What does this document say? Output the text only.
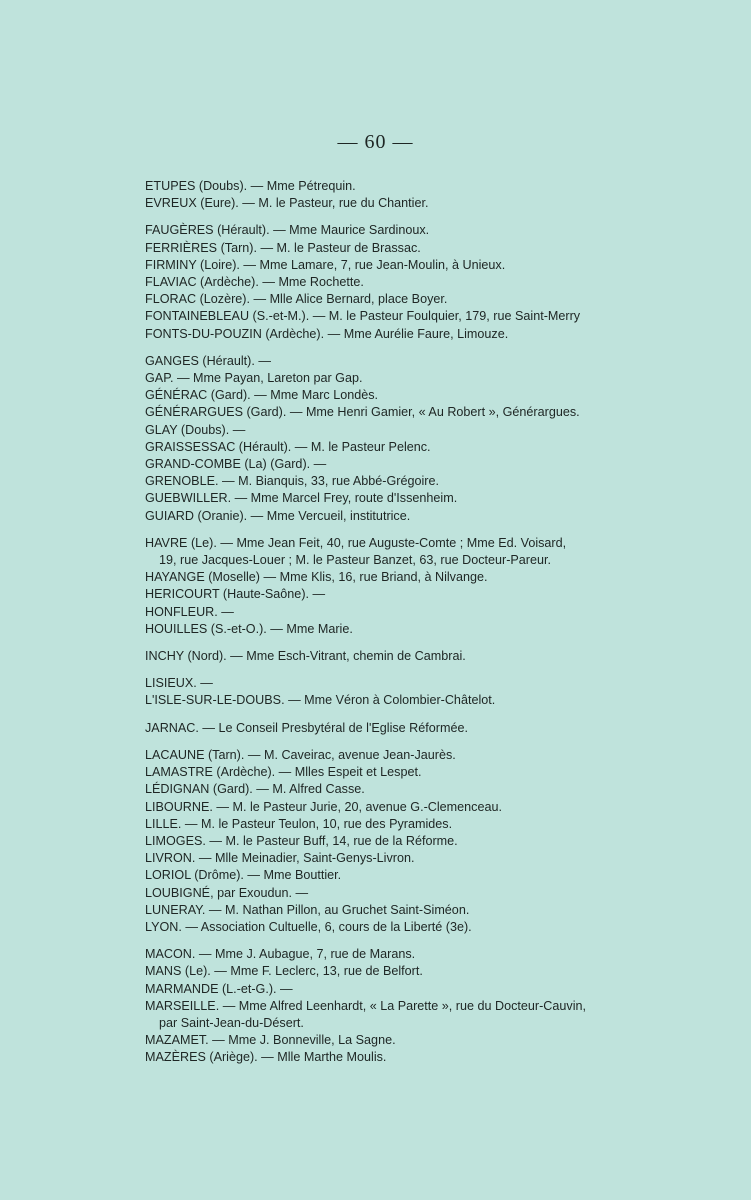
— 60 —
ETUPES (Doubs). — Mme Pétrequin.
EVREUX (Eure). — M. le Pasteur, rue du Chantier.
FAUGÈRES (Hérault). — Mme Maurice Sardinoux.
FERRIÈRES (Tarn). — M. le Pasteur de Brassac.
FIRMINY (Loire). — Mme Lamare, 7, rue Jean-Moulin, à Unieux.
FLAVIAC (Ardèche). — Mme Rochette.
FLORAC (Lozère). — Mlle Alice Bernard, place Boyer.
FONTAINEBLEAU (S.-et-M.). — M. le Pasteur Foulquier, 179, rue Saint-Merry
FONTS-DU-POUZIN (Ardèche). — Mme Aurélie Faure, Limouze.
GANGES (Hérault). —
GAP. — Mme Payan, Lareton par Gap.
GÉNÉRAC (Gard). — Mme Marc Londès.
GÉNÉRARGUES (Gard). — Mme Henri Gamier, « Au Robert », Générargues.
GLAY (Doubs). —
GRAISSESSAC (Hérault). — M. le Pasteur Pelenc.
GRAND-COMBE (La) (Gard). —
GRENOBLE. — M. Bianquis, 33, rue Abbé-Grégoire.
GUEBWILLER. — Mme Marcel Frey, route d'Issenheim.
GUIARD (Oranie). — Mme Vercueil, institutrice.
HAVRE (Le). — Mme Jean Feit, 40, rue Auguste-Comte ; Mme Ed. Voisard,
19, rue Jacques-Louer ; M. le Pasteur Banzet, 63, rue Docteur-Pareur.
HAYANGE (Moselle) — Mme Klis, 16, rue Briand, à Nilvange.
HERICOURT (Haute-Saône). —
HONFLEUR. —
HOUILLES (S.-et-O.). — Mme Marie.
INCHY (Nord). — Mme Esch-Vitrant, chemin de Cambrai.
LISIEUX. —
L'ISLE-SUR-LE-DOUBS. — Mme Véron à Colombier-Châtelot.
JARNAC. — Le Conseil Presbytéral de l'Eglise Réformée.
LACAUNE (Tarn). — M. Caveirac, avenue Jean-Jaurès.
LAMASTRE (Ardèche). — Mlles Espeit et Lespet.
LÉDIGNAN (Gard). — M. Alfred Casse.
LIBOURNE. — M. le Pasteur Jurie, 20, avenue G.-Clemenceau.
LILLE. — M. le Pasteur Teulon, 10, rue des Pyramides.
LIMOGES. — M. le Pasteur Buff, 14, rue de la Réforme.
LIVRON. — Mlle Meinadier, Saint-Genys-Livron.
LORIOL (Drôme). — Mme Bouttier.
LOUBIGNÉ, par Exoudun. —
LUNERAY. — M. Nathan Pillon, au Gruchet Saint-Siméon.
LYON. — Association Cultuelle, 6, cours de la Liberté (3e).
MACON. — Mme J. Aubague, 7, rue de Marans.
MANS (Le). — Mme F. Leclerc, 13, rue de Belfort.
MARMANDE (L.-et-G.). —
MARSEILLE. — Mme Alfred Leenhardt, « La Parette », rue du Docteur-Cauvin,
par Saint-Jean-du-Désert.
MAZAMET. — Mme J. Bonneville, La Sagne.
MAZÈRES (Ariège). — Mlle Marthe Moulis.
